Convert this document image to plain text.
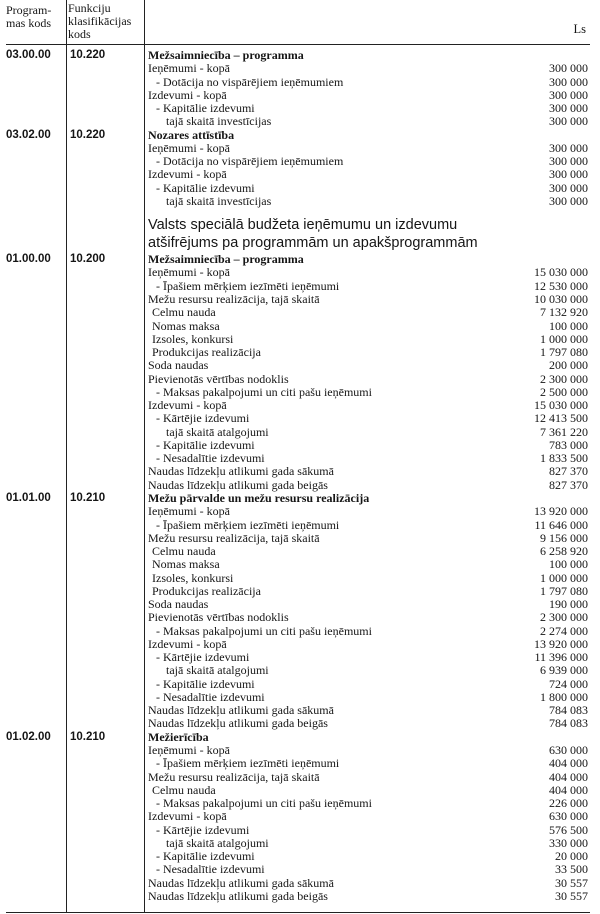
Program-
mas kods
Funkciju
klasifikācijas
kods	Ls
03.00.00 10.220	Mežsaimniecība – programma
Ieņēmumi - kopā	300 000
- Dotācija no vispārējiem ieņēmumiem	300 000
Izdevumi - kopā	300 000
- Kapitālie izdevumi	300 000
tajā skaitā investīcijas	300 000
03.02.00 10.220	Nozares attīstība
Ieņēmumi - kopā	300 000
- Dotācija no vispārējiem ieņēmumiem	300 000
Izdevumi - kopā	300 000
- Kapitālie izdevumi	300 000
tajā skaitā investīcijas	300 000
Valsts speciālā budžeta ieņēmumu un izdevumu
atšifrējums pa programmām un apakšprogrammām
01.00.00 10.200	Mežsaimniecība – programma
Ieņēmumi - kopā	15 030 000
- Īpašiem mērķiem iezīmēti ieņēmumi	12 530 000
Mežu resursu realizācija, tajā skaitā	10 030 000
Celmu nauda	7 132 920
Nomas maksa	100 000
Izsoles, konkursi	1 000 000
Produkcijas realizācija	1 797 080
Soda naudas	200 000
Pievienotās vērtības nodoklis	2 300 000
- Maksas pakalpojumi un citi pašu ieņēmumi	2 500 000
Izdevumi - kopā	15 030 000
- Kārtējie izdevumi	12 413 500
tajā skaitā atalgojumi	7 361 220
- Kapitālie izdevumi	783 000
- Nesadalītie izdevumi	1 833 500
Naudas līdzekļu atlikumi gada sākumā	827 370
Naudas līdzekļu atlikumi gada beigās	827 370
01.01.00 10.210	Mežu pārvalde un mežu resursu realizācija
Ieņēmumi - kopā	13 920 000
- Īpašiem mērķiem iezīmēti ieņēmumi	11 646 000
Mežu resursu realizācija, tajā skaitā	9 156 000
Celmu nauda	6 258 920
Nomas maksa	100 000
Izsoles, konkursi	1 000 000
Produkcijas realizācija	1 797 080
Soda naudas	190 000
Pievienotās vērtības nodoklis	2 300 000
- Maksas pakalpojumi un citi pašu ieņēmumi	2 274 000
Izdevumi - kopā	13 920 000
- Kārtējie izdevumi	11 396 000
tajā skaitā atalgojumi	6 939 000
- Kapitālie izdevumi	724 000
- Nesadalītie izdevumi	1 800 000
Naudas līdzekļu atlikumi gada sākumā	784 083
Naudas līdzekļu atlikumi gada beigās	784 083
01.02.00 10.210	Mežierīcība
Ieņēmumi - kopā	630 000
- Īpašiem mērķiem iezīmēti ieņēmumi	404 000
Mežu resursu realizācija, tajā skaitā	404 000
Celmu nauda	404 000
- Maksas pakalpojumi un citi pašu ieņēmumi	226 000
Izdevumi - kopā	630 000
- Kārtējie izdevumi	576 500
tajā skaitā atalgojumi	330 000
- Kapitālie izdevumi	20 000
- Nesadalītie izdevumi	33 500
Naudas līdzekļu atlikumi gada sākumā	30 557
Naudas līdzekļu atlikumi gada beigās	30 557
